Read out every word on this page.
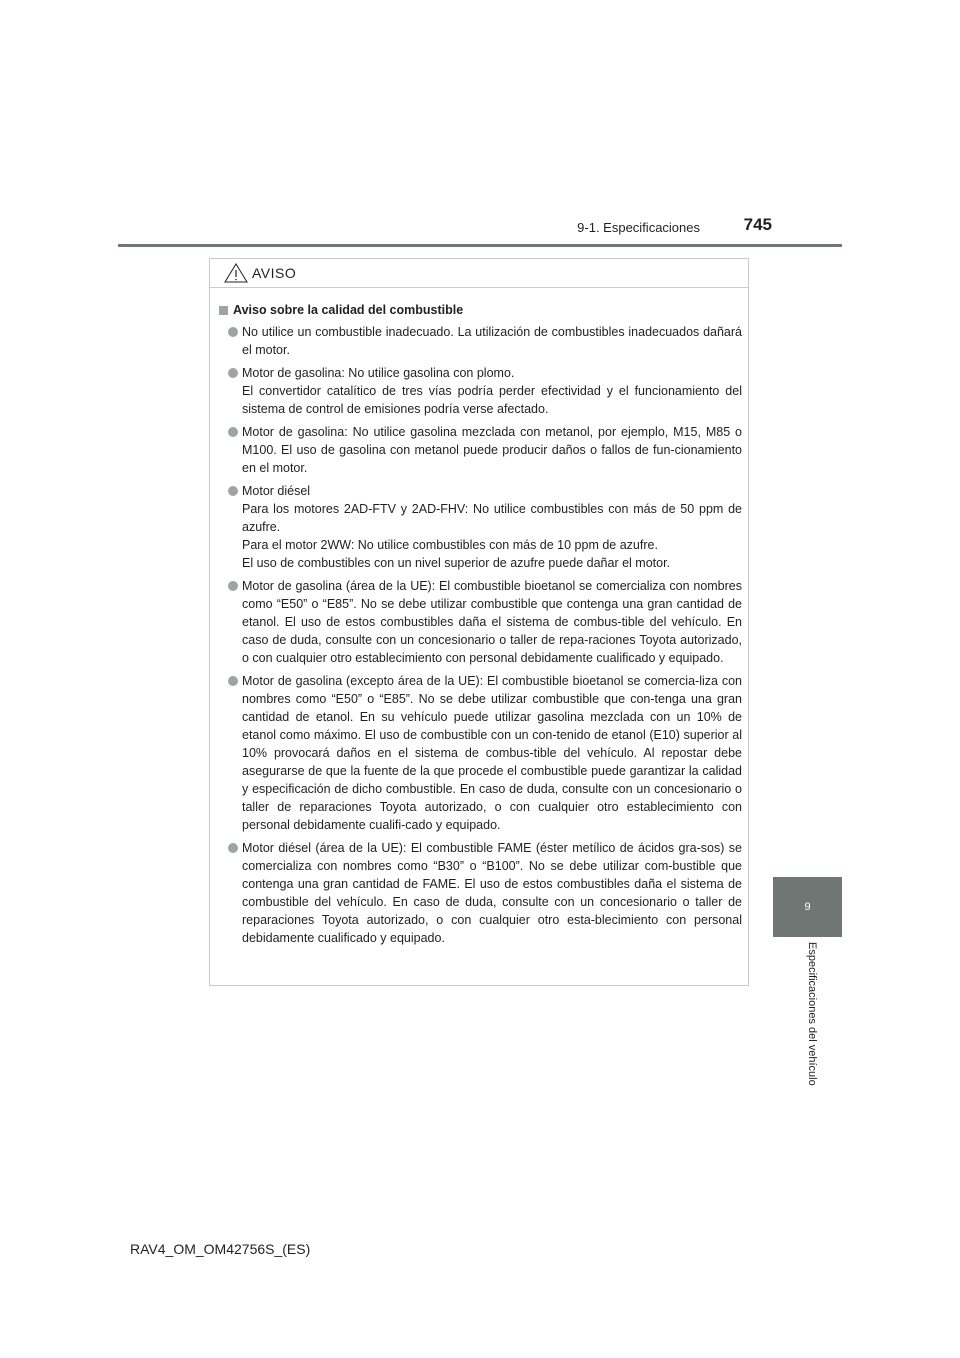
9-1. Especificaciones	745
9
Especificaciones del vehículo
AVISO
Aviso sobre la calidad del combustible

No utilice un combustible inadecuado. La utilización de combustibles inadecuados dañará el motor.

Motor de gasolina: No utilice gasolina con plomo.

El convertidor catalítico de tres vías podría perder efectividad y el funcionamiento del sistema de control de emisiones podría verse afectado.

Motor de gasolina: No utilice gasolina mezclada con metanol, por ejemplo, M15, M85 o M100. El uso de gasolina con metanol puede producir daños o fallos de fun-cionamiento en el motor.

Motor diésel

Para los motores 2AD-FTV y 2AD-FHV: No utilice combustibles con más de 50 ppm de azufre.

Para el motor 2WW: No utilice combustibles con más de 10 ppm de azufre.

El uso de combustibles con un nivel superior de azufre puede dañar el motor.

Motor de gasolina (área de la UE): El combustible bioetanol se comercializa con nombres como “E50” o “E85”. No se debe utilizar combustible que contenga una gran cantidad de etanol. El uso de estos combustibles daña el sistema de combus-tible del vehículo. En caso de duda, consulte con un concesionario o taller de repa-raciones Toyota autorizado, o con cualquier otro establecimiento con personal debidamente cualificado y equipado.

Motor de gasolina (excepto área de la UE): El combustible bioetanol se comercia-liza con nombres como “E50” o “E85”. No se debe utilizar combustible que con-tenga una gran cantidad de etanol. En su vehículo puede utilizar gasolina mezclada con un 10% de etanol como máximo. El uso de combustible con un con-tenido de etanol (E10) superior al 10% provocará daños en el sistema de combus-tible del vehículo. Al repostar debe asegurarse de que la fuente de la que procede el combustible puede garantizar la calidad y especificación de dicho combustible. En caso de duda, consulte con un concesionario o taller de reparaciones Toyota autorizado, o con cualquier otro establecimiento con personal debidamente cualifi-cado y equipado.

Motor diésel (área de la UE): El combustible FAME (éster metílico de ácidos gra-sos) se comercializa con nombres como “B30” o “B100”. No se debe utilizar com-bustible que contenga una gran cantidad de FAME. El uso de estos combustibles daña el sistema de combustible del vehículo. En caso de duda, consulte con un concesionario o taller de reparaciones Toyota autorizado, o con cualquier otro esta-blecimiento con personal debidamente cualificado y equipado.

RAV4_OM_OM42756S_(ES)
